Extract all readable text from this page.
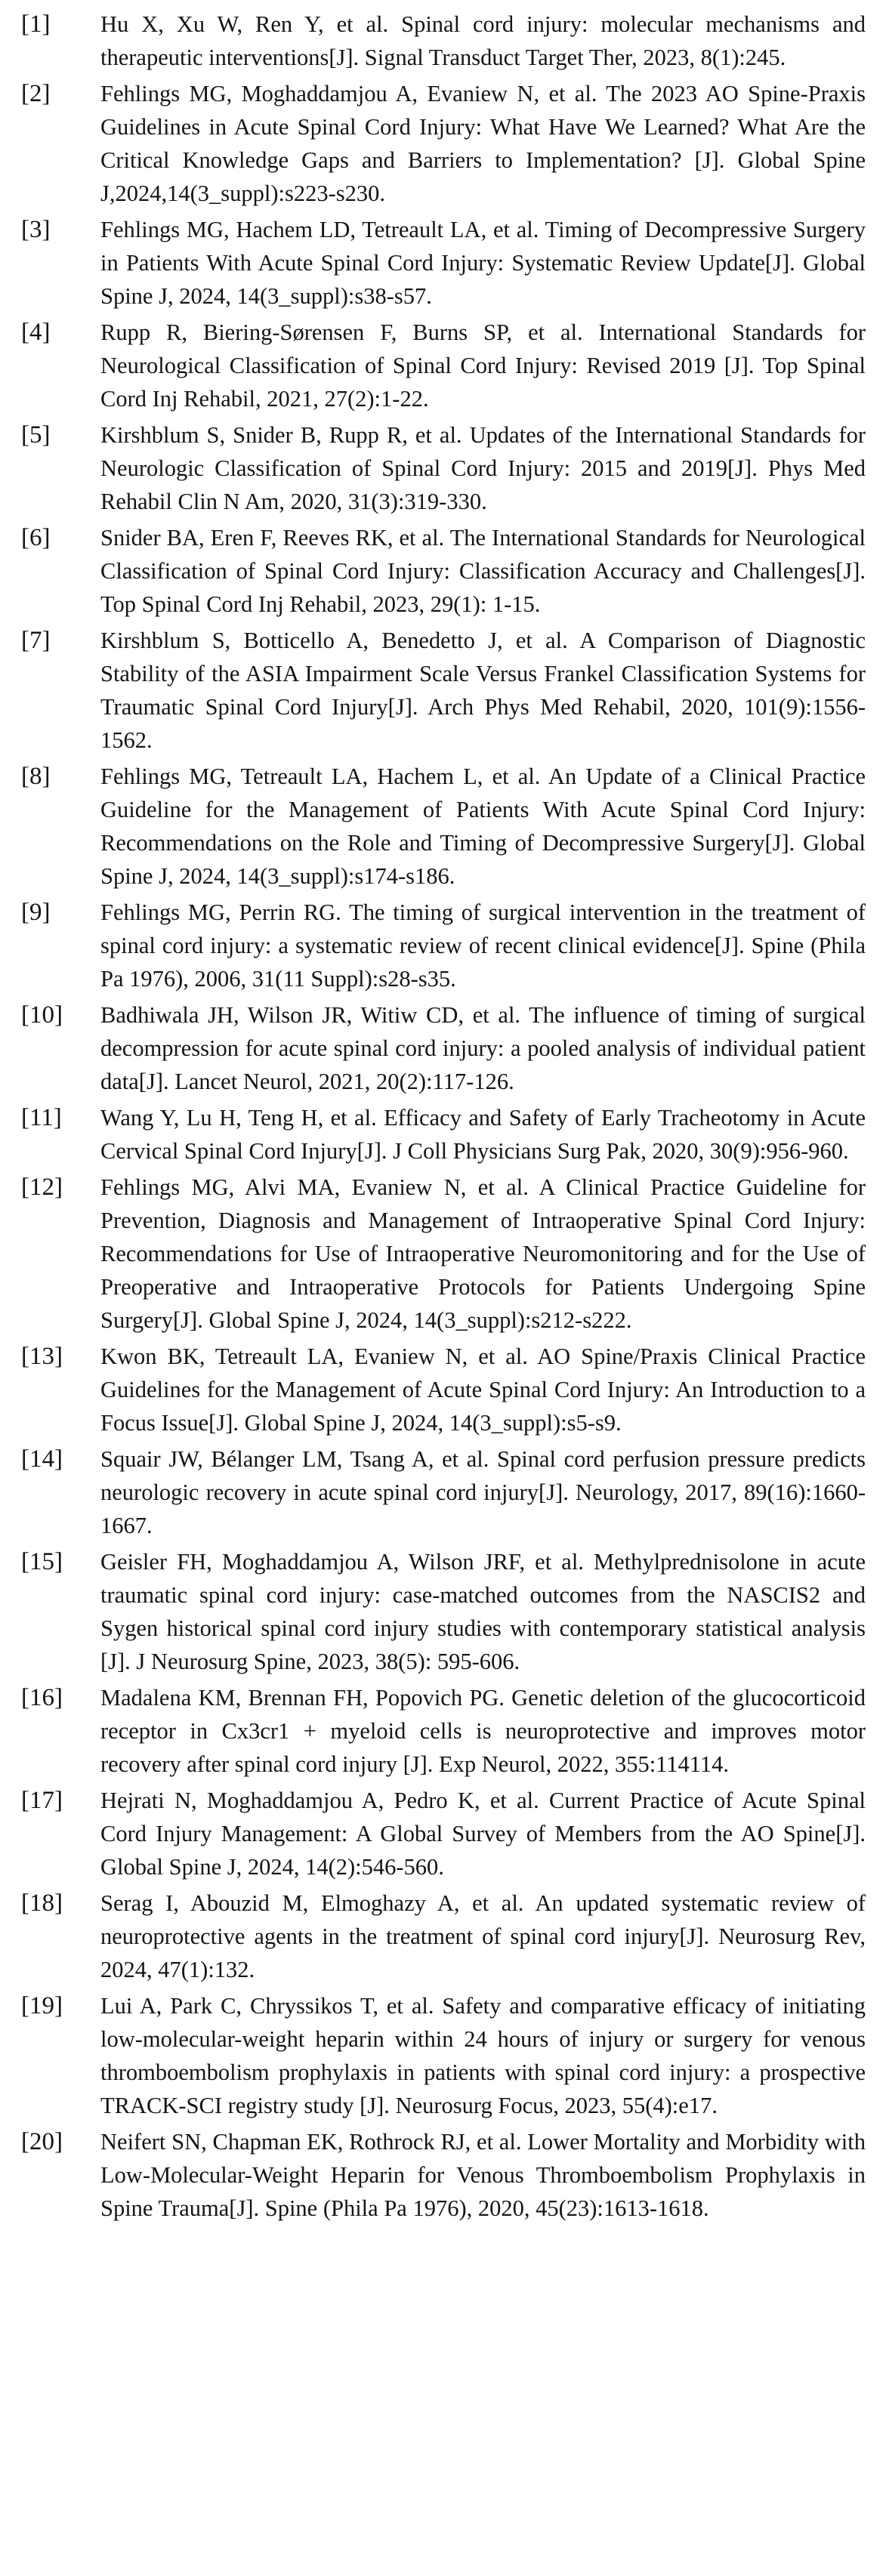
[1]	Hu X, Xu W, Ren Y, et al. Spinal cord injury: molecular mechanisms and therapeutic interventions[J]. Signal Transduct Target Ther, 2023, 8(1):245.
[2]	Fehlings MG, Moghaddamjou A, Evaniew N, et al. The 2023 AO Spine-Praxis Guidelines in Acute Spinal Cord Injury: What Have We Learned? What Are the Critical Knowledge Gaps and Barriers to Implementation? [J]. Global Spine J,2024,14(3_suppl):s223-s230.
[3]	Fehlings MG, Hachem LD, Tetreault LA, et al. Timing of Decompressive Surgery in Patients With Acute Spinal Cord Injury: Systematic Review Update[J]. Global Spine J, 2024, 14(3_suppl):s38-s57.
[4]	Rupp R, Biering-Sørensen F, Burns SP, et al. International Standards for Neurological Classification of Spinal Cord Injury: Revised 2019 [J]. Top Spinal Cord Inj Rehabil, 2021, 27(2):1-22.
[5]	Kirshblum S, Snider B, Rupp R, et al. Updates of the International Standards for Neurologic Classification of Spinal Cord Injury: 2015 and 2019[J]. Phys Med Rehabil Clin N Am, 2020, 31(3):319-330.
[6]	Snider BA, Eren F, Reeves RK, et al. The International Standards for Neurological Classification of Spinal Cord Injury: Classification Accuracy and Challenges[J]. Top Spinal Cord Inj Rehabil, 2023, 29(1): 1-15.
[7]	Kirshblum S, Botticello A, Benedetto J, et al. A Comparison of Diagnostic Stability of the ASIA Impairment Scale Versus Frankel Classification Systems for Traumatic Spinal Cord Injury[J]. Arch Phys Med Rehabil, 2020, 101(9):1556-1562.
[8]	Fehlings MG, Tetreault LA, Hachem L, et al. An Update of a Clinical Practice Guideline for the Management of Patients With Acute Spinal Cord Injury: Recommendations on the Role and Timing of Decompressive Surgery[J]. Global Spine J, 2024, 14(3_suppl):s174-s186.
[9]	Fehlings MG, Perrin RG. The timing of surgical intervention in the treatment of spinal cord injury: a systematic review of recent clinical evidence[J]. Spine (Phila Pa 1976), 2006, 31(11 Suppl):s28-s35.
[10]	Badhiwala JH, Wilson JR, Witiw CD, et al. The influence of timing of surgical decompression for acute spinal cord injury: a pooled analysis of individual patient data[J]. Lancet Neurol, 2021, 20(2):117-126.
[11]	Wang Y, Lu H, Teng H, et al. Efficacy and Safety of Early Tracheotomy in Acute Cervical Spinal Cord Injury[J]. J Coll Physicians Surg Pak, 2020, 30(9):956-960.
[12]	Fehlings MG, Alvi MA, Evaniew N, et al. A Clinical Practice Guideline for Prevention, Diagnosis and Management of Intraoperative Spinal Cord Injury: Recommendations for Use of Intraoperative Neuromonitoring and for the Use of Preoperative and Intraoperative Protocols for Patients Undergoing Spine Surgery[J]. Global Spine J, 2024, 14(3_suppl):s212-s222.
[13]	Kwon BK, Tetreault LA, Evaniew N, et al. AO Spine/Praxis Clinical Practice Guidelines for the Management of Acute Spinal Cord Injury: An Introduction to a Focus Issue[J]. Global Spine J, 2024, 14(3_suppl):s5-s9.
[14]	Squair JW, Bélanger LM, Tsang A, et al. Spinal cord perfusion pressure predicts neurologic recovery in acute spinal cord injury[J]. Neurology, 2017, 89(16):1660-1667.
[15]	Geisler FH, Moghaddamjou A, Wilson JRF, et al. Methylprednisolone in acute traumatic spinal cord injury: case-matched outcomes from the NASCIS2 and Sygen historical spinal cord injury studies with contemporary statistical analysis [J]. J Neurosurg Spine, 2023, 38(5): 595-606.
[16]	Madalena KM, Brennan FH, Popovich PG. Genetic deletion of the glucocorticoid receptor in Cx3cr1 + myeloid cells is neuroprotective and improves motor recovery after spinal cord injury [J]. Exp Neurol, 2022, 355:114114.
[17]	Hejrati N, Moghaddamjou A, Pedro K, et al. Current Practice of Acute Spinal Cord Injury Management: A Global Survey of Members from the AO Spine[J]. Global Spine J, 2024, 14(2):546-560.
[18]	Serag I, Abouzid M, Elmoghazy A, et al. An updated systematic review of neuroprotective agents in the treatment of spinal cord injury[J]. Neurosurg Rev, 2024, 47(1):132.
[19]	Lui A, Park C, Chryssikos T, et al. Safety and comparative efficacy of initiating low-molecular-weight heparin within 24 hours of injury or surgery for venous thromboembolism prophylaxis in patients with spinal cord injury: a prospective TRACK-SCI registry study [J]. Neurosurg Focus, 2023, 55(4):e17.
[20]	Neifert SN, Chapman EK, Rothrock RJ, et al. Lower Mortality and Morbidity with Low-Molecular-Weight Heparin for Venous Thromboembolism Prophylaxis in Spine Trauma[J]. Spine (Phila Pa 1976), 2020, 45(23):1613-1618.
